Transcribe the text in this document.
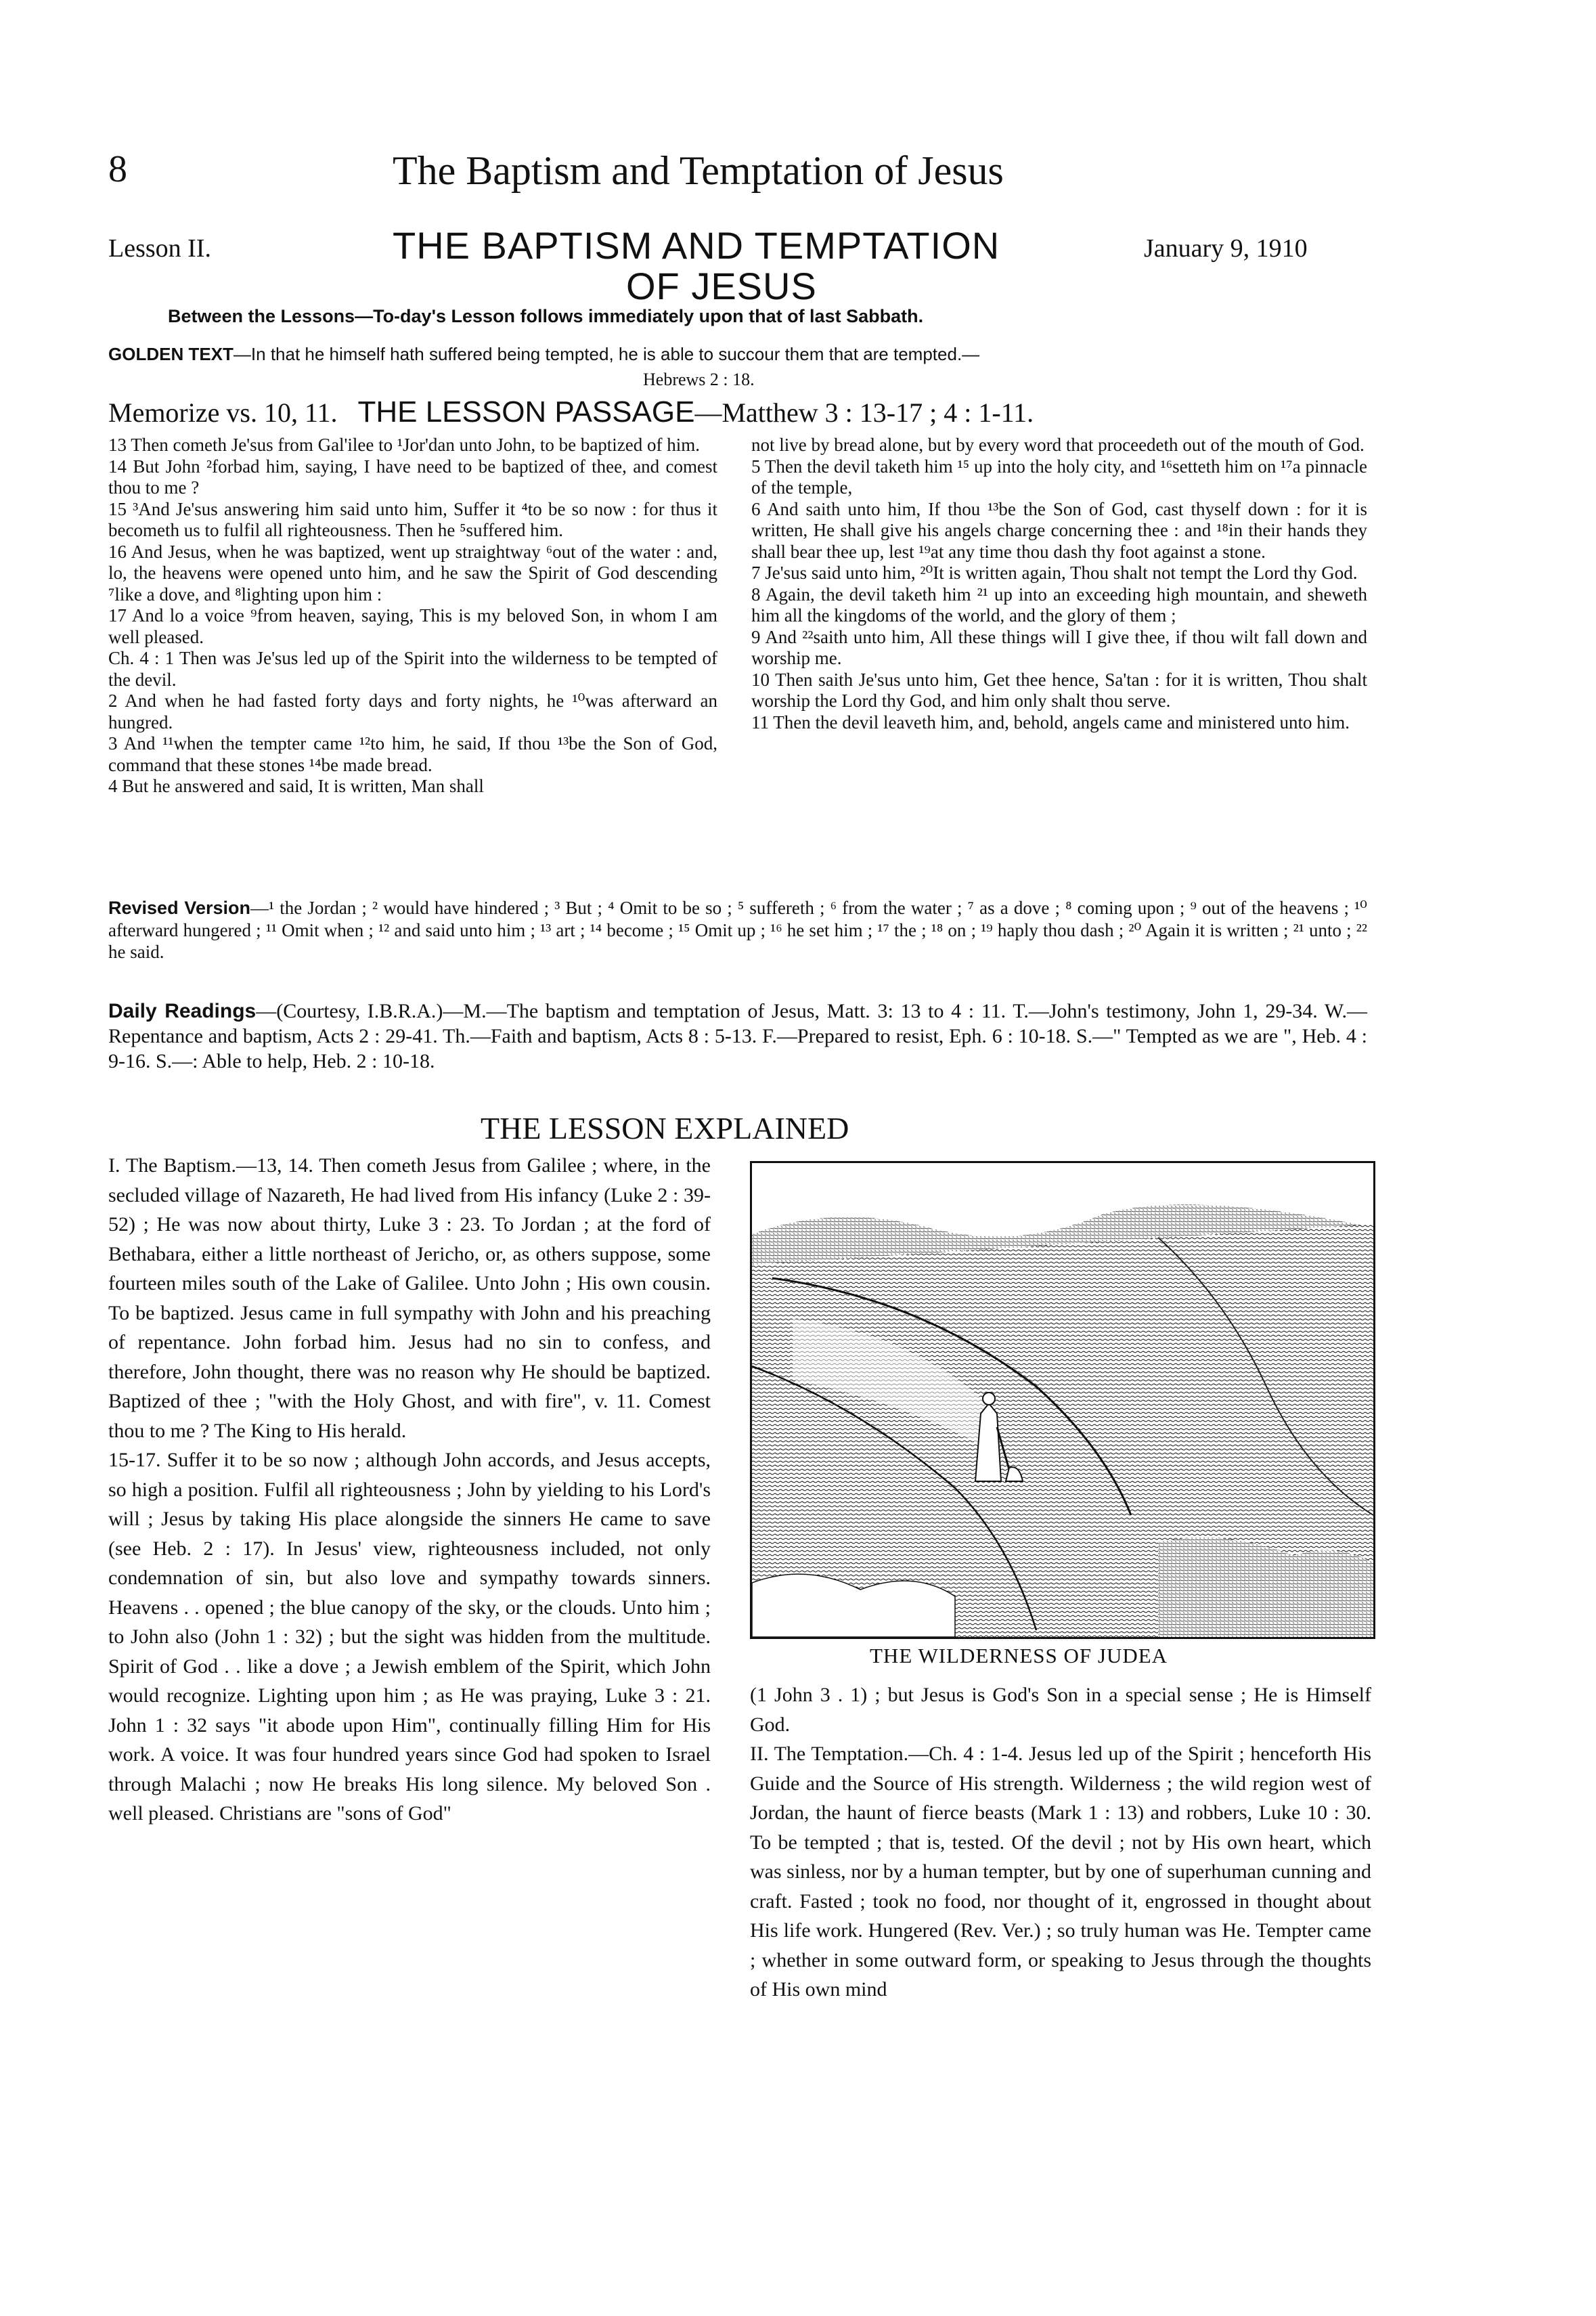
8	The Baptism and Temptation of Jesus
Lesson II.	THE BAPTISM AND TEMPTATION
OF JESUS
January 9, 1910
Between the Lessons—To-day's Lesson follows immediately upon that of last Sabbath.
GOLDEN TEXT—In that he himself hath suffered being tempted, he is able to succour them that are tempted.—
Hebrews 2 : 18.
Memorize vs. 10, 11. THE LESSON PASSAGE—Matthew 3 : 13-17 ; 4 : 1-11.
13 Then cometh Je'sus from Gal'ilee to ¹Jor'dan unto John, to be baptized of him.
14 But John ²forbad him, saying, I have need to be baptized of thee, and comest thou to me ?
15 ³And Je'sus answering him said unto him, Suffer it ⁴to be so now : for thus it becometh us to fulfil all righteousness. Then he ⁵suffered him.
16 And Jesus, when he was baptized, went up straightway ⁶out of the water : and, lo, the heavens were opened unto him, and he saw the Spirit of God descending ⁷like a dove, and ⁸lighting upon him :
17 And lo a voice ⁹from heaven, saying, This is my beloved Son, in whom I am well pleased.
Ch. 4 : 1 Then was Je'sus led up of the Spirit into the wilderness to be tempted of the devil.
2 And when he had fasted forty days and forty nights, he ¹⁰was afterward an hungred.
3 And ¹¹when the tempter came ¹²to him, he said, If thou ¹³be the Son of God, command that these stones ¹⁴be made bread.
4 But he answered and said, It is written, Man shall
not live by bread alone, but by every word that proceedeth out of the mouth of God.
5 Then the devil taketh him ¹⁵ up into the holy city, and ¹⁶setteth him on ¹⁷a pinnacle of the temple,
6 And saith unto him, If thou ¹³be the Son of God, cast thyself down : for it is written, He shall give his angels charge concerning thee : and ¹⁸in their hands they shall bear thee up, lest ¹⁹at any time thou dash thy foot against a stone.
7 Je'sus said unto him, ²⁰It is written again, Thou shalt not tempt the Lord thy God.
8 Again, the devil taketh him ²¹ up into an exceeding high mountain, and sheweth him all the kingdoms of the world, and the glory of them ;
9 And ²²saith unto him, All these things will I give thee, if thou wilt fall down and worship me.
10 Then saith Je'sus unto him, Get thee hence, Sa'tan : for it is written, Thou shalt worship the Lord thy God, and him only shalt thou serve.
11 Then the devil leaveth him, and, behold, angels came and ministered unto him.
Revised Version—¹ the Jordan ; ² would have hindered ; ³ But ; ⁴ Omit to be so ; ⁵ suffereth ; ⁶ from the water ; ⁷ as a dove ; ⁸ coming upon ; ⁹ out of the heavens ; ¹⁰ afterward hungered ; ¹¹ Omit when ; ¹² and said unto him ; ¹³ art ; ¹⁴ become ; ¹⁵ Omit up ; ¹⁶ he set him ; ¹⁷ the ; ¹⁸ on ; ¹⁹ haply thou dash ; ²⁰ Again it is written ; ²¹ unto ; ²² he said.
Daily Readings—(Courtesy, I.B.R.A.)—M.—The baptism and temptation of Jesus, Matt. 3: 13 to 4 : 11. T.—John's testimony, John 1, 29-34. W.—Repentance and baptism, Acts 2 : 29-41. Th.—Faith and baptism, Acts 8 : 5-13. F.—Prepared to resist, Eph. 6 : 10-18. S.—" Tempted as we are ", Heb. 4 : 9-16. S.—: Able to help, Heb. 2 : 10-18.
THE LESSON EXPLAINED
I. The Baptism.—13, 14. Then cometh Jesus from Galilee ; where, in the secluded village of Nazareth, He had lived from His infancy (Luke 2 : 39-52) ; He was now about thirty, Luke 3 : 23. To Jordan ; at the ford of Bethabara, either a little northeast of Jericho, or, as others suppose, some fourteen miles south of the Lake of Galilee. Unto John ; His own cousin. To be baptized. Jesus came in full sympathy with John and his preaching of repentance. John forbad him. Jesus had no sin to confess, and therefore, John thought, there was no reason why He should be baptized. Baptized of thee ; "with the Holy Ghost, and with fire", v. 11. Comest thou to me ? The King to His herald.
15-17. Suffer it to be so now ; although John accords, and Jesus accepts, so high a position. Fulfil all righteousness ; John by yielding to his Lord's will ; Jesus by taking His place alongside the sinners He came to save (see Heb. 2 : 17). In Jesus' view, righteousness included, not only condemnation of sin, but also love and sympathy towards sinners. Heavens . . opened ; the blue canopy of the sky, or the clouds. Unto him ; to John also (John 1 : 32) ; but the sight was hidden from the multitude. Spirit of God . . like a dove ; a Jewish emblem of the Spirit, which John would recognize. Lighting upon him ; as He was praying, Luke 3 : 21. John 1 : 32 says "it abode upon Him", continually filling Him for His work. A voice. It was four hundred years since God had spoken to Israel through Malachi ; now He breaks His long silence. My beloved Son . well pleased. Christians are "sons of God"
THE WILDERNESS OF JUDEA
(1 John 3 . 1) ; but Jesus is God's Son in a special sense ; He is Himself God.
II. The Temptation.—Ch. 4 : 1-4. Jesus led up of the Spirit ; henceforth His Guide and the Source of His strength. Wilderness ; the wild region west of Jordan, the haunt of fierce beasts (Mark 1 : 13) and robbers, Luke 10 : 30. To be tempted ; that is, tested. Of the devil ; not by His own heart, which was sinless, nor by a human tempter, but by one of superhuman cunning and craft. Fasted ; took no food, nor thought of it, engrossed in thought about His life work. Hungered (Rev. Ver.) ; so truly human was He. Tempter came ; whether in some outward form, or speaking to Jesus through the thoughts of His own mind
